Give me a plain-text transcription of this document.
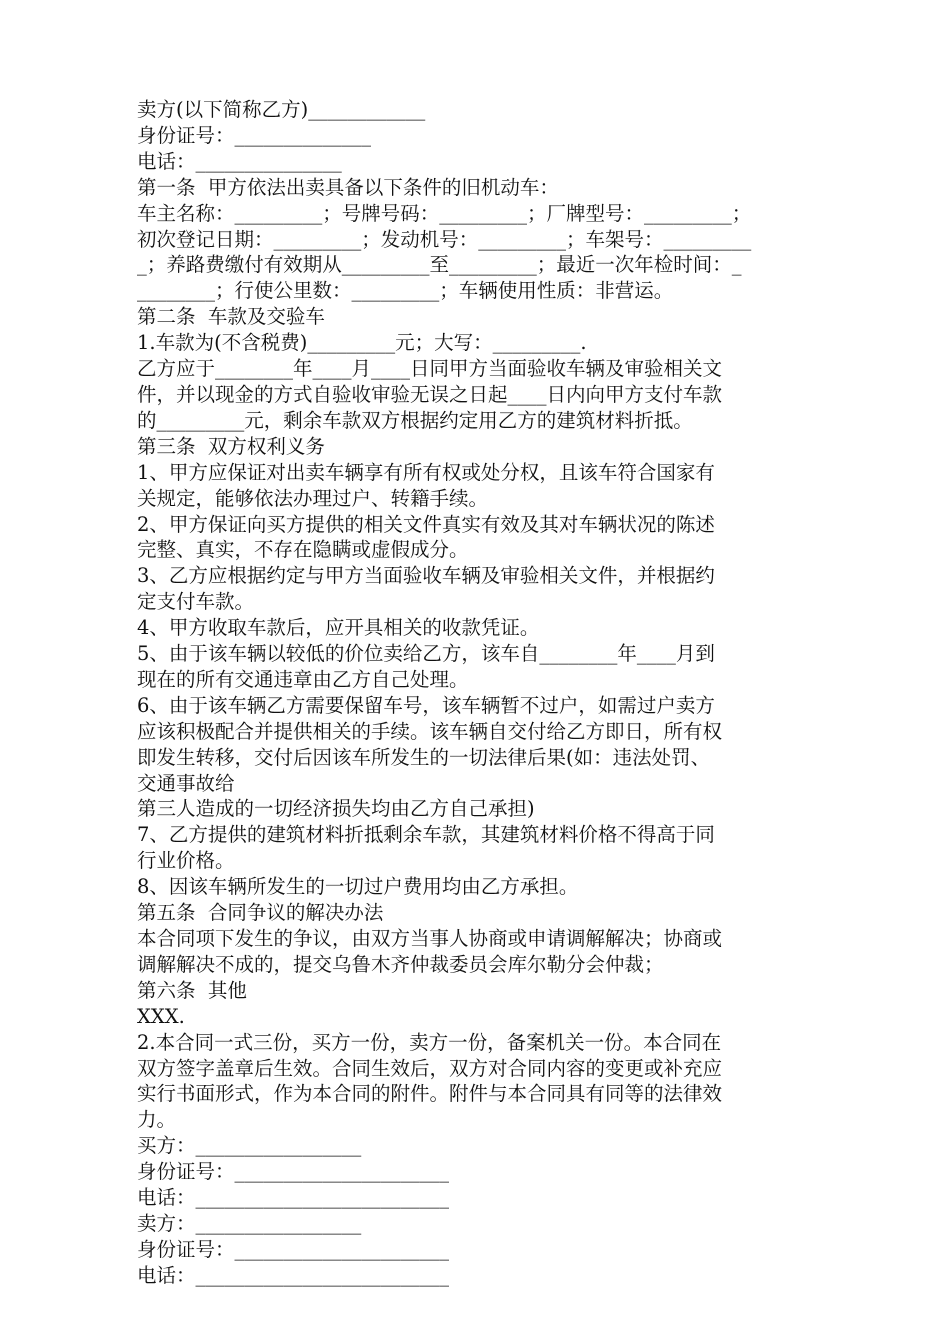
卖方(以下简称乙方)____________
身份证号：______________
电话：_______________
第一条  甲方依法出卖具备以下条件的旧机动车：
车主名称：_________；号牌号码：_________；厂牌型号：_________；
初次登记日期：_________；发动机号：_________；车架号：_________
_；养路费缴付有效期从_________至_________；最近一次年检时间：_
________；行使公里数：_________；车辆使用性质：非营运。
第二条  车款及交验车
1.车款为(不含税费)_________元；大写：_________.
乙方应于________年____月____日同甲方当面验收车辆及审验相关文
件，并以现金的方式自验收审验无误之日起____日内向甲方支付车款
的_________元，剩余车款双方根据约定用乙方的建筑材料折抵。
第三条  双方权利义务
1、甲方应保证对出卖车辆享有所有权或处分权，且该车符合国家有
关规定，能够依法办理过户、转籍手续。
2、甲方保证向买方提供的相关文件真实有效及其对车辆状况的陈述
完整、真实，不存在隐瞒或虚假成分。
3、乙方应根据约定与甲方当面验收车辆及审验相关文件，并根据约
定支付车款。
4、甲方收取车款后，应开具相关的收款凭证。
5、由于该车辆以较低的价位卖给乙方，该车自________年____月到
现在的所有交通违章由乙方自己处理。
6、由于该车辆乙方需要保留车号，该车辆暂不过户，如需过户卖方
应该积极配合并提供相关的手续。该车辆自交付给乙方即日，所有权
即发生转移，交付后因该车所发生的一切法律后果(如：违法处罚、
交通事故给
第三人造成的一切经济损失均由乙方自己承担)
7、乙方提供的建筑材料折抵剩余车款，其建筑材料价格不得高于同
行业价格。
8、因该车辆所发生的一切过户费用均由乙方承担。
第五条  合同争议的解决办法
本合同项下发生的争议，由双方当事人协商或申请调解解决；协商或
调解解决不成的，提交乌鲁木齐仲裁委员会库尔勒分会仲裁；
第六条  其他
XXX.
2.本合同一式三份，买方一份，卖方一份，备案机关一份。本合同在
双方签字盖章后生效。合同生效后，双方对合同内容的变更或补充应
实行书面形式，作为本合同的附件。附件与本合同具有同等的法律效
力。
买方：_________________
身份证号：______________________
电话：__________________________
卖方：_________________
身份证号：______________________
电话：__________________________
